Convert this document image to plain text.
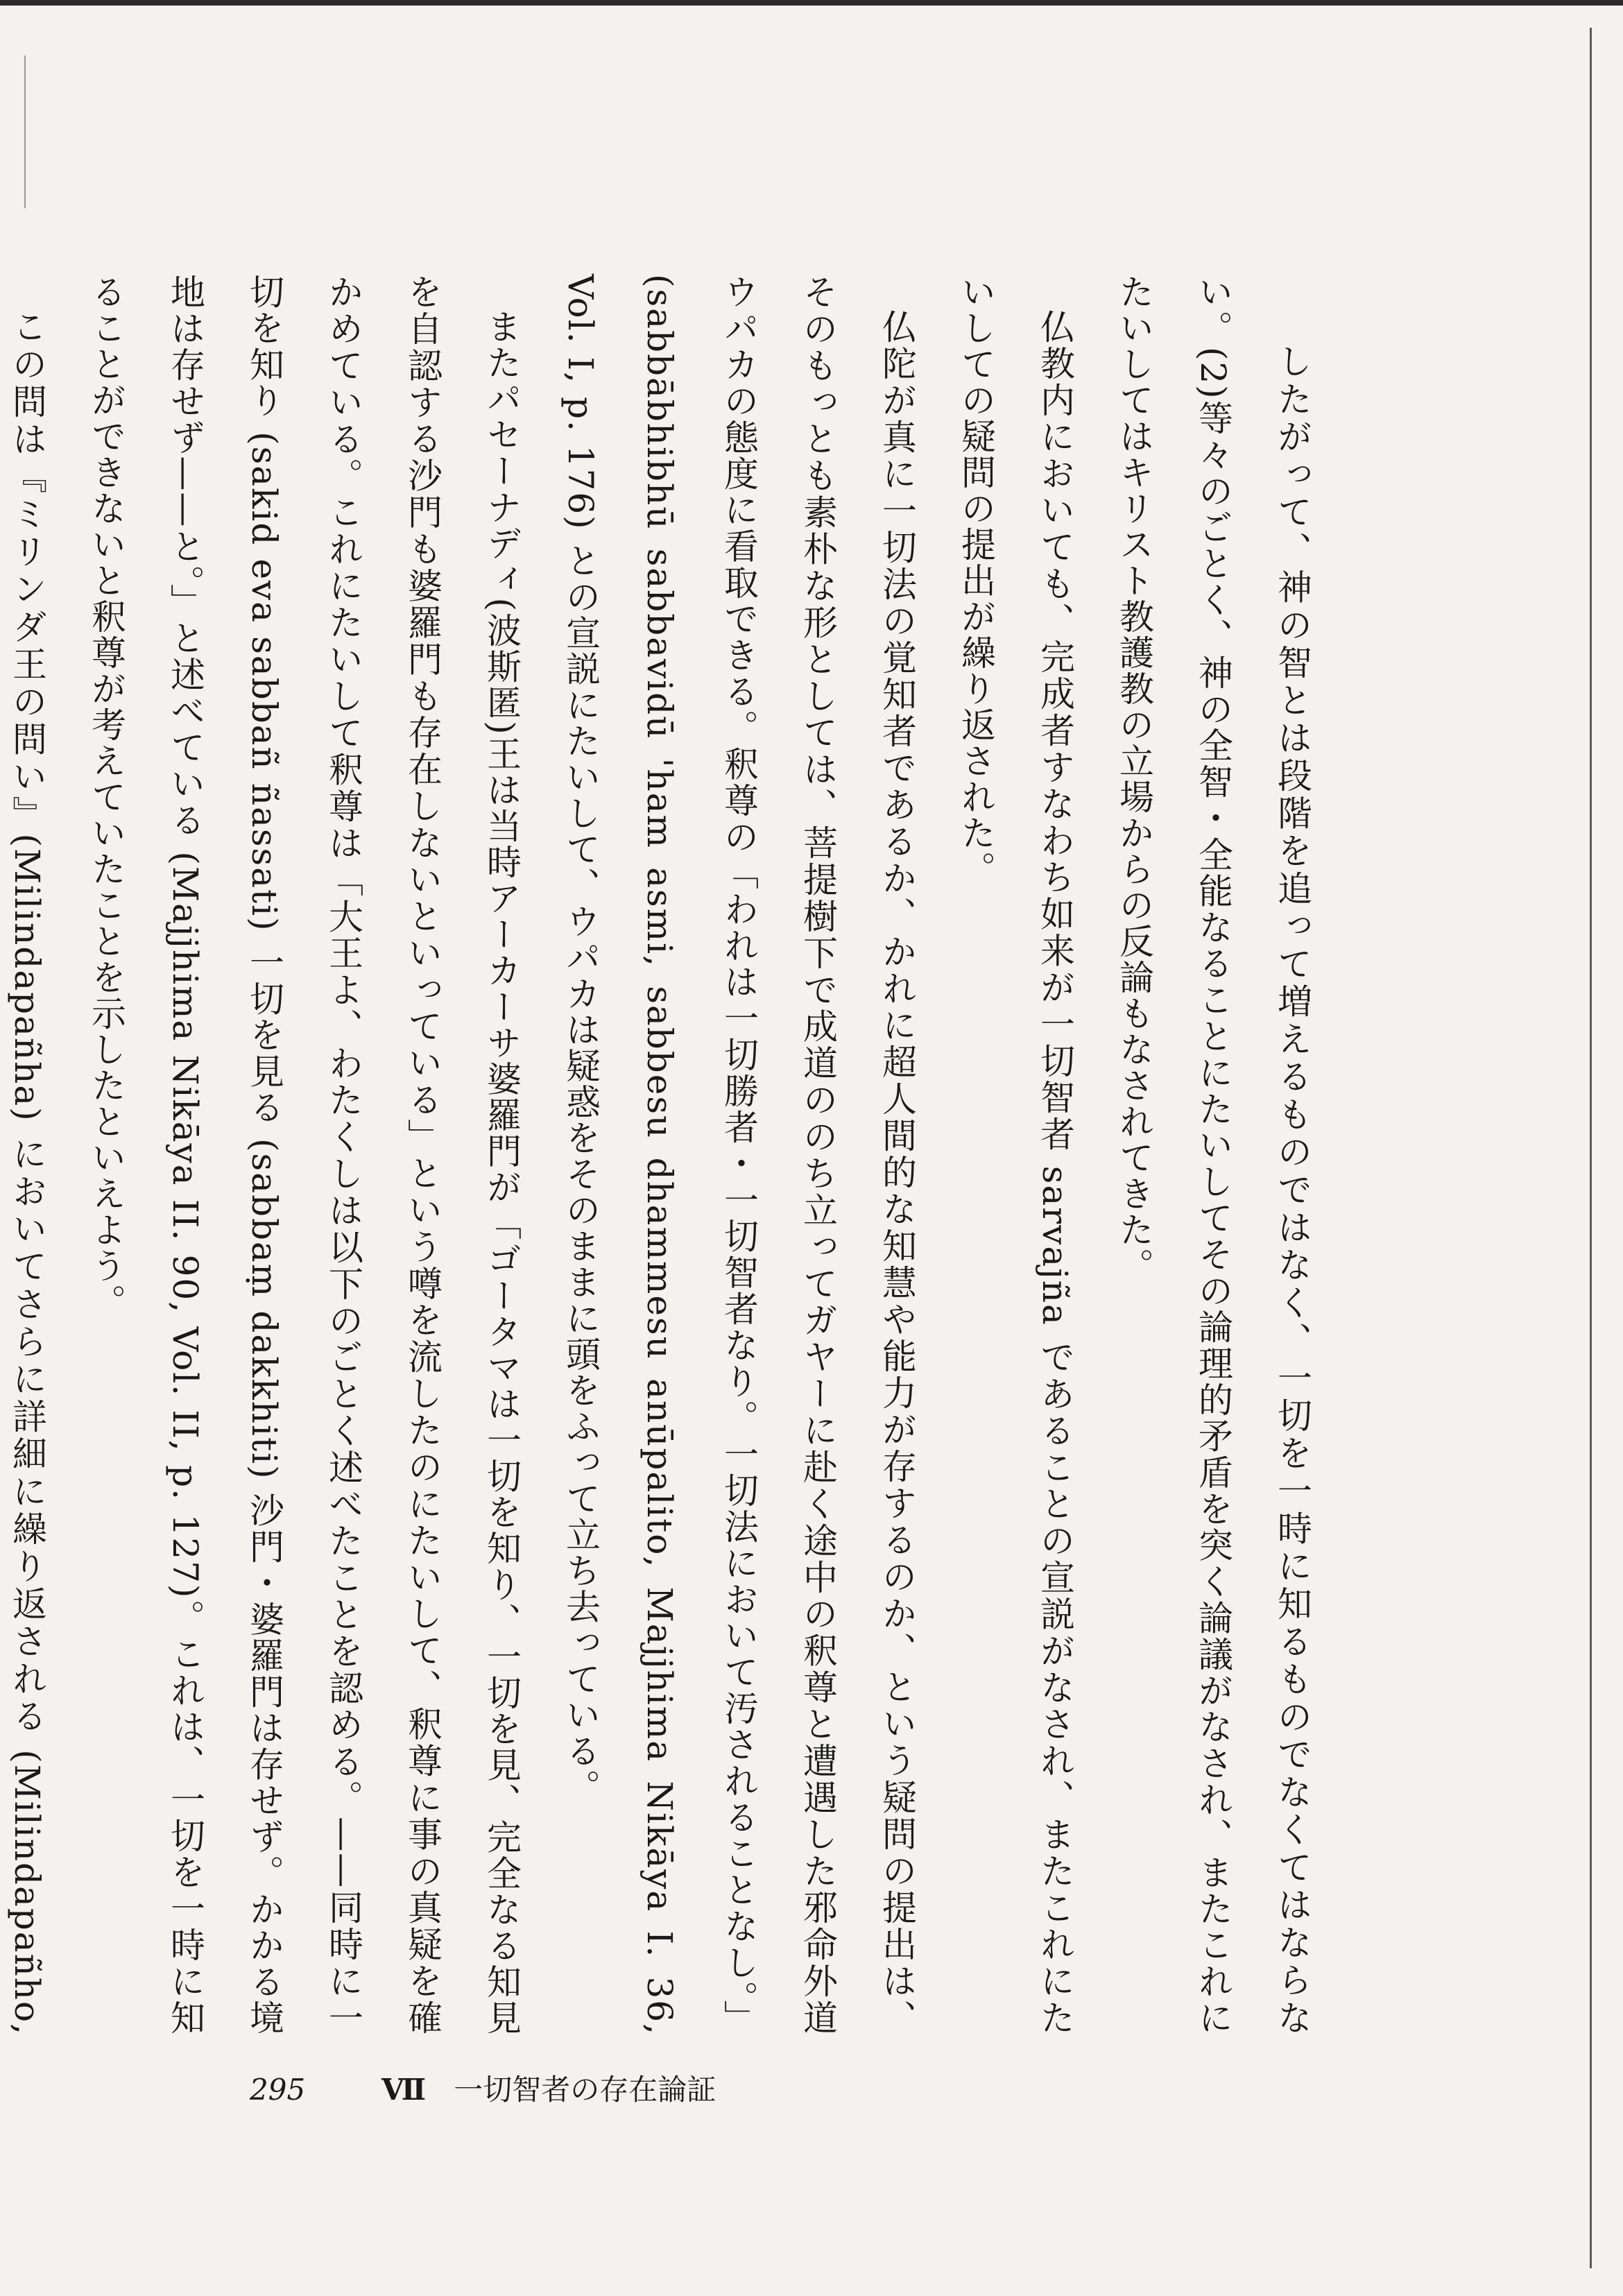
したがって、神の智とは段階を追って増えるものではなく、一切を一時に知るものでなくてはならない。(2)等々のごとく、神の全智・全能なることにたいしてその論理的矛盾を突く論議がなされ、またこれにたいしてはキリスト教護教の立場からの反論もなされてきた。

仏教内においても、完成者すなわち如来が一切智者 sarvajña であることの宣説がなされ、またこれにたいしての疑問の提出が繰り返された。

仏陀が真に一切法の覚知者であるか、かれに超人間的な知慧や能力が存するのか、という疑問の提出は、そのもっとも素朴な形としては、菩提樹下で成道ののち立ってガヤーに赴く途中の釈尊と遭遇した邪命外道ウパカの態度に看取できる。釈尊の「われは一切勝者・一切智者なり。一切法において汚されることなし。」(sabbābhibhū sabbavidū 'ham asmi, sabbesu dhammesu anūpalito, Majjhima Nikāya I. 36, Vol. I, p. 176) との宣説にたいして、ウパカは疑惑をそのままに頭をふって立ち去っている。

またパセーナディ(波斯匿)王は当時アーカーサ婆羅門が「ゴータマは一切を知り、一切を見、完全なる知見を自認する沙門も婆羅門も存在しないといっている」という噂を流したのにたいして、釈尊に事の真疑を確かめている。これにたいして釈尊は「大王よ、わたくしは以下のごとく述べたことを認める。——同時に一切を知り (sakid eva sabbañ ñassati) 一切を見る (sabbaṃ dakkhiti) 沙門・婆羅門は存せず。かかる境地は存せず——と。」と述べている (Majjhima Nikāya II. 90, Vol. II, p. 127)。これは、一切を一時に知ることができないと釈尊が考えていたことを示したといえよう。

この問は『ミリンダ王の問い』(Milindapañha) においてさらに詳細に繰り返される (Milindapañho,

295	Ⅶ 一切智者の存在論証
